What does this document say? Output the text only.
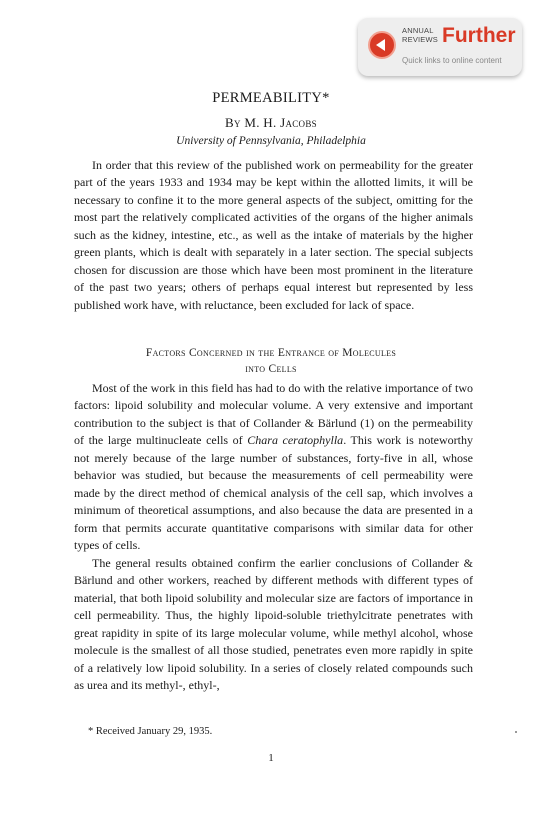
ANNUAL
REVIEWS Further
Quick links to online content
PERMEABILITY*
By M. H. Jacobs
University of Pennsylvania, Philadelphia

In order that this review of the published work on permeability for the greater part of the years 1933 and 1934 may be kept within the allotted limits, it will be necessary to confine it to the more general aspects of the subject, omitting for the most part the relatively complicated activities of the organs of the higher animals such as the kidney, intestine, etc., as well as the intake of materials by the higher green plants, which is dealt with separately in a later section. The special subjects chosen for discussion are those which have been most prominent in the literature of the past two years; others of perhaps equal interest but represented by less published work have, with reluctance, been excluded for lack of space.

Factors Concerned in the Entrance of Molecules
into Cells

Most of the work in this field has had to do with the relative importance of two factors: lipoid solubility and molecular volume. A very extensive and important contribution to the subject is that of Collander & Bärlund (1) on the permeability of the large multinucleate cells of Chara ceratophylla. This work is noteworthy not merely because of the large number of substances, forty-five in all, whose behavior was studied, but because the measurements of cell permeability were made by the direct method of chemical analysis of the cell sap, which involves a minimum of theoretical assumptions, and also because the data are presented in a form that permits accurate quantitative comparisons with similar data for other types of cells.

The general results obtained confirm the earlier conclusions of Collander & Bärlund and other workers, reached by different methods with different types of material, that both lipoid solubility and molecular size are factors of importance in cell permeability. Thus, the highly lipoid-soluble triethylcitrate penetrates with great rapidity in spite of its large molecular volume, while methyl alcohol, whose molecule is the smallest of all those studied, penetrates even more rapidly in spite of a relatively low lipoid solubility. In a series of closely related compounds such as urea and its methyl-, ethyl-,

* Received January 29, 1935.
1
